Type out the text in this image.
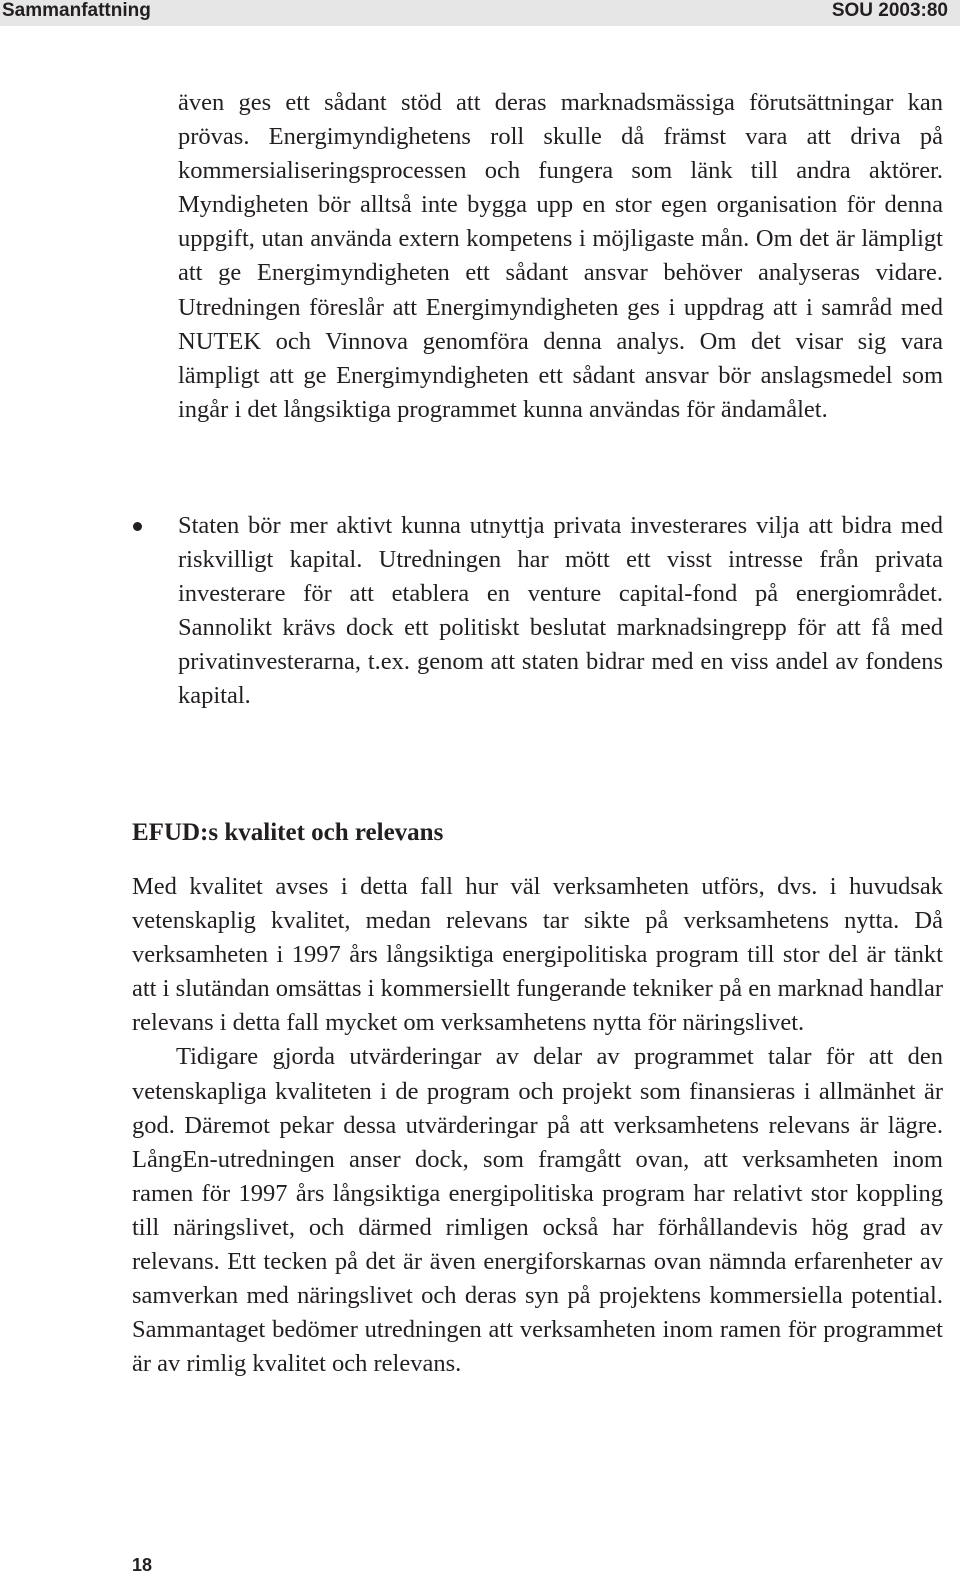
Sammanfattning	SOU 2003:80

även ges ett sådant stöd att deras marknadsmässiga förutsättningar kan prövas. Energimyndighetens roll skulle då främst vara att driva på kommersialiseringsprocessen och fungera som länk till andra aktörer. Myndigheten bör alltså inte bygga upp en stor egen organisation för denna uppgift, utan använda extern kompetens i möjligaste mån. Om det är lämpligt att ge Energimyndigheten ett sådant ansvar behöver analyseras vidare. Utredningen föreslår att Energimyndigheten ges i uppdrag att i samråd med NUTEK och Vinnova genomföra denna analys. Om det visar sig vara lämpligt att ge Energimyndigheten ett sådant ansvar bör anslagsmedel som ingår i det långsiktiga programmet kunna användas för ändamålet.

Staten bör mer aktivt kunna utnyttja privata investerares vilja att bidra med riskvilligt kapital. Utredningen har mött ett visst intresse från privata investerare för att etablera en venture capital-fond på energiområdet. Sannolikt krävs dock ett politiskt beslutat marknadsingrepp för att få med privatinvesterarna, t.ex. genom att staten bidrar med en viss andel av fondens kapital.

EFUD:s kvalitet och relevans

Med kvalitet avses i detta fall hur väl verksamheten utförs, dvs. i huvudsak vetenskaplig kvalitet, medan relevans tar sikte på verksamhetens nytta. Då verksamheten i 1997 års långsiktiga energipolitiska program till stor del är tänkt att i slutändan omsättas i kommersiellt fungerande tekniker på en marknad handlar relevans i detta fall mycket om verksamhetens nytta för näringslivet.

Tidigare gjorda utvärderingar av delar av programmet talar för att den vetenskapliga kvaliteten i de program och projekt som finansieras i allmänhet är god. Däremot pekar dessa utvärderingar på att verksamhetens relevans är lägre. LångEn-utredningen anser dock, som framgått ovan, att verksamheten inom ramen för 1997 års långsiktiga energipolitiska program har relativt stor koppling till näringslivet, och därmed rimligen också har förhållandevis hög grad av relevans. Ett tecken på det är även energiforskarnas ovan nämnda erfarenheter av samverkan med näringslivet och deras syn på projektens kommersiella potential. Sammantaget bedömer utredningen att verksamheten inom ramen för programmet är av rimlig kvalitet och relevans.

18
